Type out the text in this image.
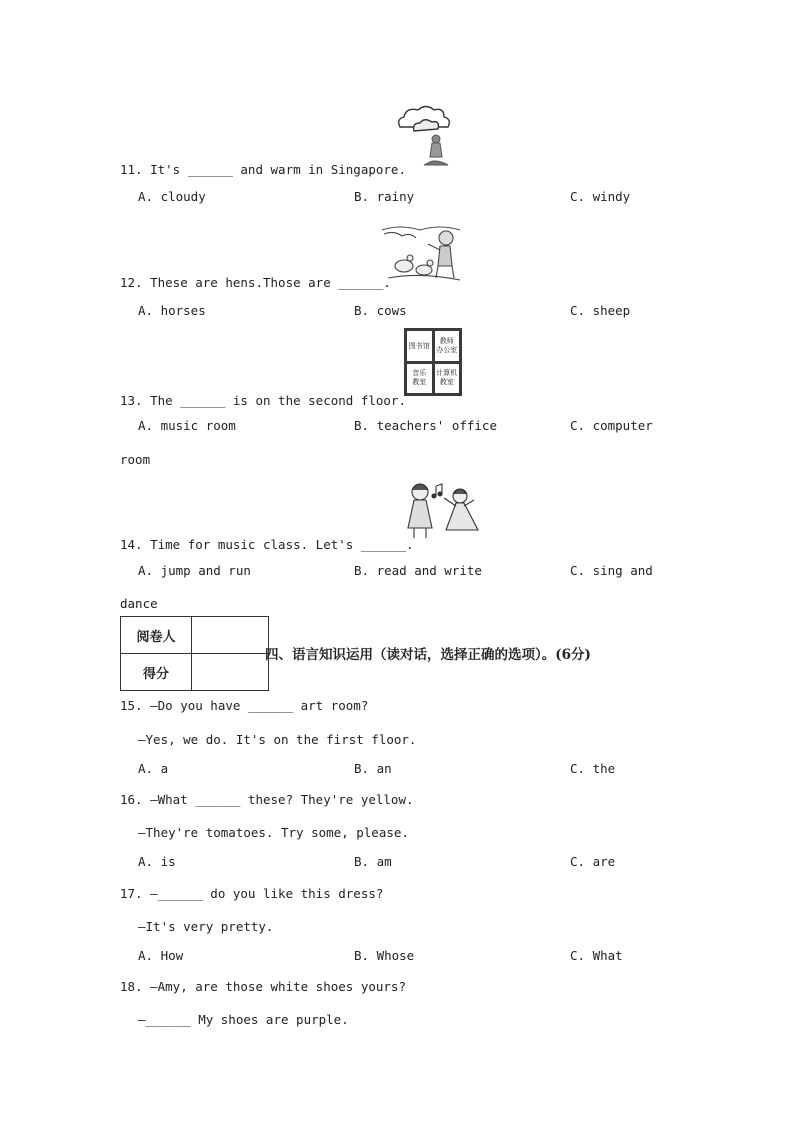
11. It's ______ and warm in Singapore.
A. cloudy	B. rainy	C. windy
12. These are hens.Those are ______.
A. horses	B. cows	C. sheep
图书馆
教师
办公室
音乐
教室
计算机
教室
13. The ______ is on the second floor.
A. music room	B. teachers' office	C. computer
room
14. Time for music class. Let's ______.
A. jump and run	B. read and write	C. sing and
dance
阅卷人	
得分	
四、语言知识运用（读对话，选择正确的选项）。(6分)
15. —Do you have ______ art room?
—Yes, we do. It's on the first floor.
A. a	B. an	C. the
16. —What ______ these? They're yellow.
—They're tomatoes. Try some, please.
A. is	B. am	C. are
17. —______ do you like this dress?
—It's very pretty.
A. How	B. Whose	C. What
18. —Amy, are those white shoes yours?
—______ My shoes are purple.
